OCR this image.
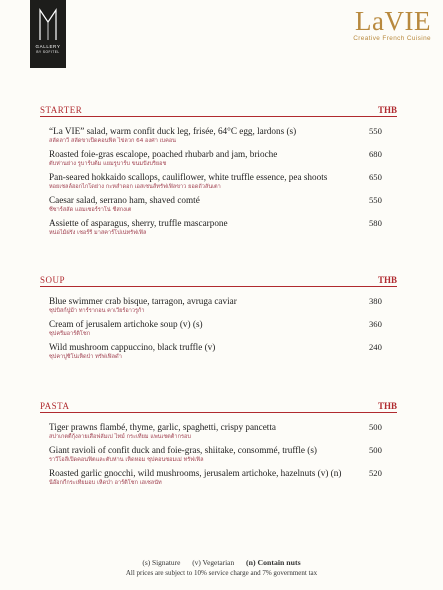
GALLERY
BY SOFITEL
LaVIE
Creative French Cuisine
STARTER	THB
“La VIE” salad, warm confit duck leg, frisée, 64°C egg, lardons (s)	550
สลัดลาวี สลัดขาเป็ดคอนฟิต ไข่ลวก 64 องศา เบคอน
Roasted foie-gras escalope, poached rhubarb and jam, brioche	680
ตับห่านย่าง รูบาร์บต้ม แยมรูบาร์บ ขนมปังบริยอช
Pan-seared hokkaido scallops, cauliflower, white truffle essence, pea shoots	650
หอยเชลล์ฮอกไกโดย่าง กะหล่ำดอก เอสเซนส์ทรัฟเฟิลขาว ยอดถั่วลันเตา
Caesar salad, serrano ham, shaved comté	550
ซีซาร์สลัด แฮมเซอร์ราโน่ ชีสกงเต
Assiette of asparagus, sherry, truffle mascarpone	580
หน่อไม้ฝรั่ง เชอร์รี่ มาสคาร์โปเน่ทรัฟเฟิล
SOUP	THB
Blue swimmer crab bisque, tarragon, avruga caviar	380
ซุปบิสก์ปูม้า ทาร์รากอน คาเวียร์อาวรูก้า
Cream of jerusalem artichoke soup (v) (s)	360
ซุปครีมอาร์ติโชก
Wild mushroom cappuccino, black truffle (v)	240
ซุปคาปูชิโน่เห็ดป่า ทรัฟเฟิลดำ
PASTA	THB
Tiger prawns flambé, thyme, garlic, spaghetti, crispy pancetta	500
สปาเกตตี้กุ้งลายเสือฟลัมเบ่ ไทม์ กระเทียม แพนเชตต้ากรอบ
Giant ravioli of confit duck and foie-gras, shiitake, consommé, truffle (s)	500
ราวีโอลี่เป็ดคอนฟิตและตับห่าน เห็ดหอม ซุปคอนซอมเม่ ทรัฟเฟิล
Roasted garlic gnocchi, wild mushrooms, jerusalem artichoke, hazelnuts (v) (n)	520
นีอ๊อกกี้กระเทียมอบ เห็ดป่า อาร์ติโชก เฮเซลนัท
(s) Signature (v) Vegetarian (n) Contain nuts
All prices are subject to 10% service charge and 7% government tax
